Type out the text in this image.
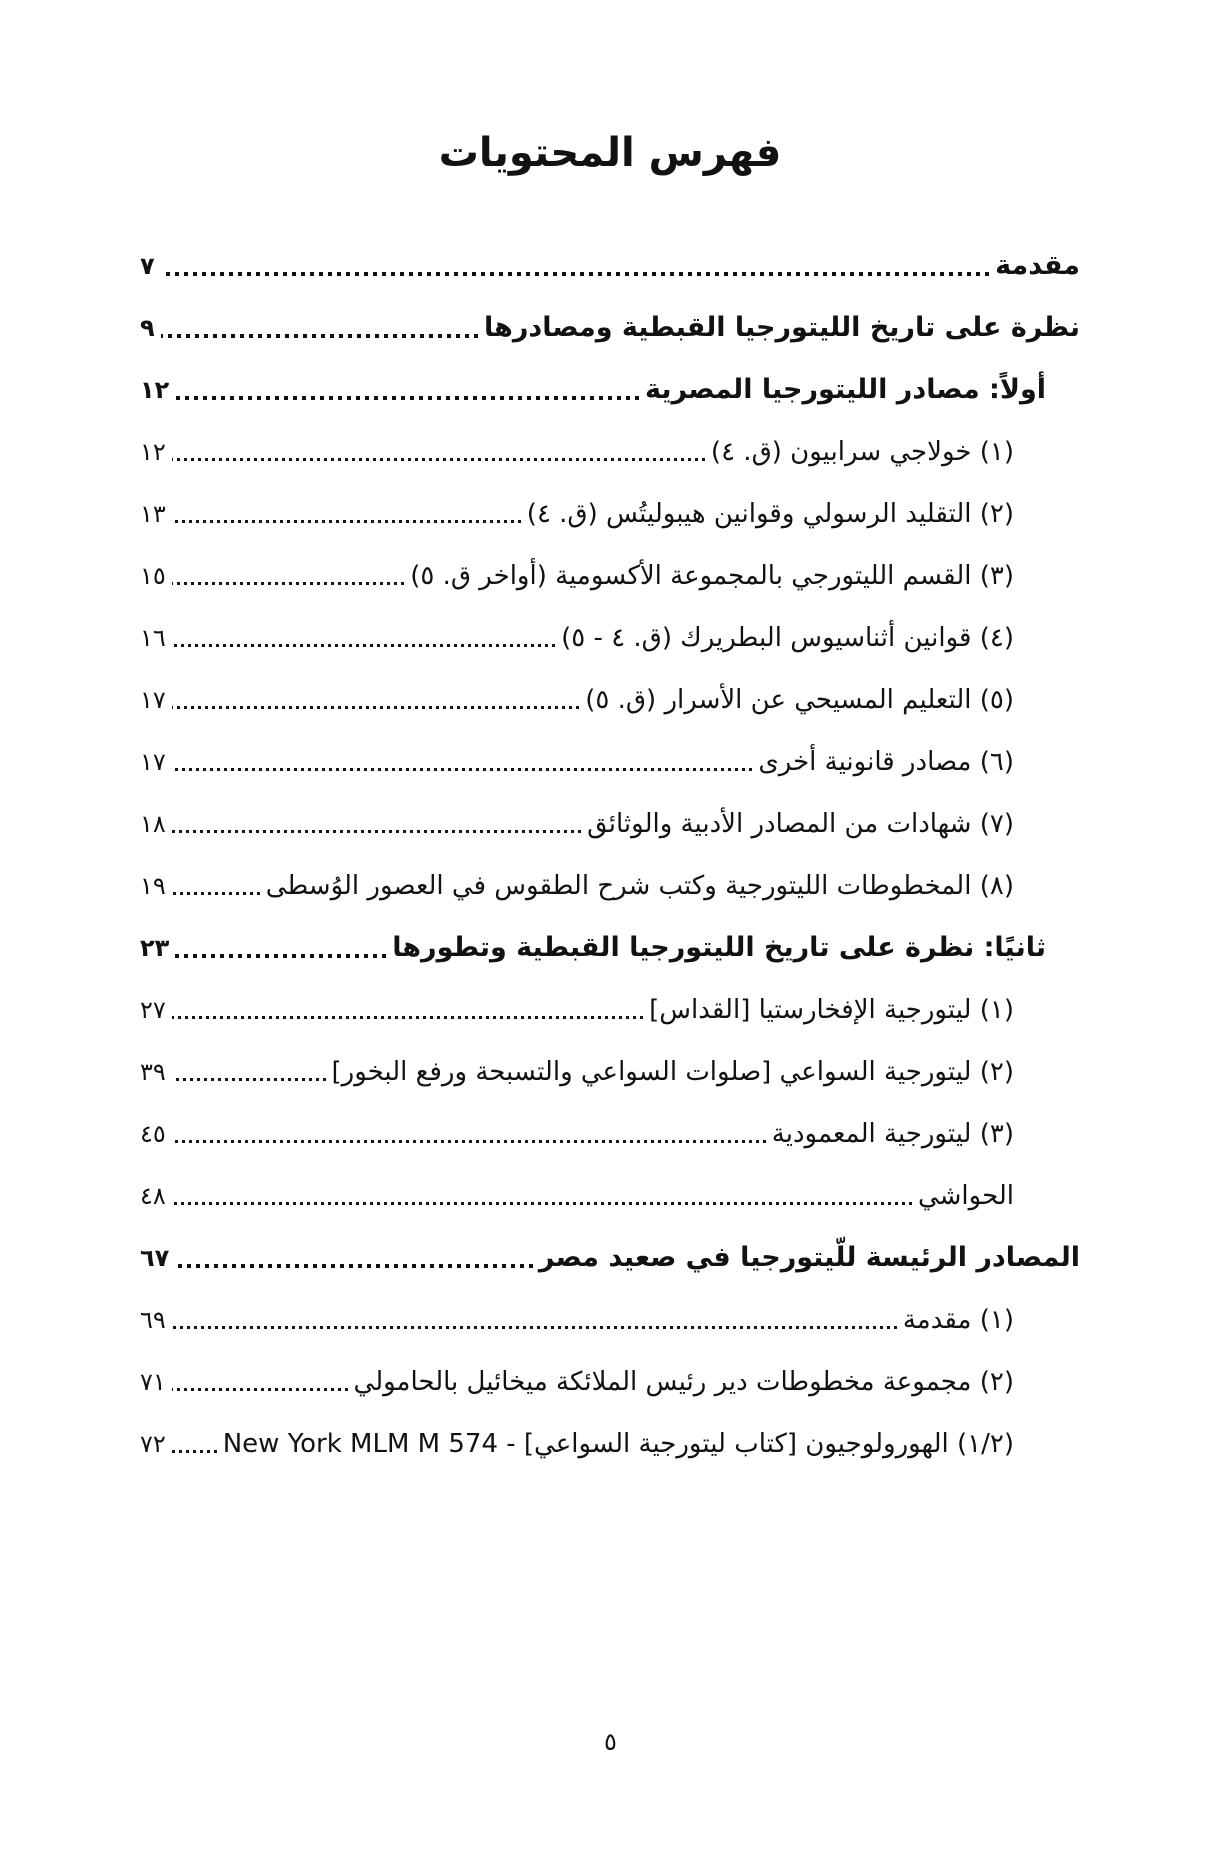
فهرس المحتويات
مقدمة
٧
نظرة على تاريخ الليتورجيا القبطية ومصادرها
٩
أولاً: مصادر الليتورجيا المصرية
١٢
(١) خولاجي سرابيون (ق. ٤)
١٢
(٢) التقليد الرسولي وقوانين هيبوليتُس (ق. ٤)
١٣
(٣) القسم الليتورجي بالمجموعة الأكسومية (أواخر ق. ٥)
١٥
(٤) قوانين أثناسيوس البطريرك (ق. ٤ - ٥)
١٦
(٥) التعليم المسيحي عن الأسرار (ق. ٥)
١٧
(٦) مصادر قانونية أخرى
١٧
(٧) شهادات من المصادر الأدبية والوثائق
١٨
(٨) المخطوطات الليتورجية وكتب شرح الطقوس في العصور الوُسطى
١٩
ثانيًا: نظرة على تاريخ الليتورجيا القبطية وتطورها
٢٣
(١) ليتورجية الإفخارستيا [القداس]
٢٧
(٢) ليتورجية السواعي [صلوات السواعي والتسبحة ورفع البخور]
٣٩
(٣) ليتورجية المعمودية
٤٥
الحواشي
٤٨
المصادر الرئيسة للّيتورجيا في صعيد مصر
٦٧
(١) مقدمة
٦٩
(٢) مجموعة مخطوطات دير رئيس الملائكة ميخائيل بالحامولي
٧١
(١/٢) الهورولوجيون [كتاب ليتورجية السواعي] - New York MLM M 574
٧٢
٥
